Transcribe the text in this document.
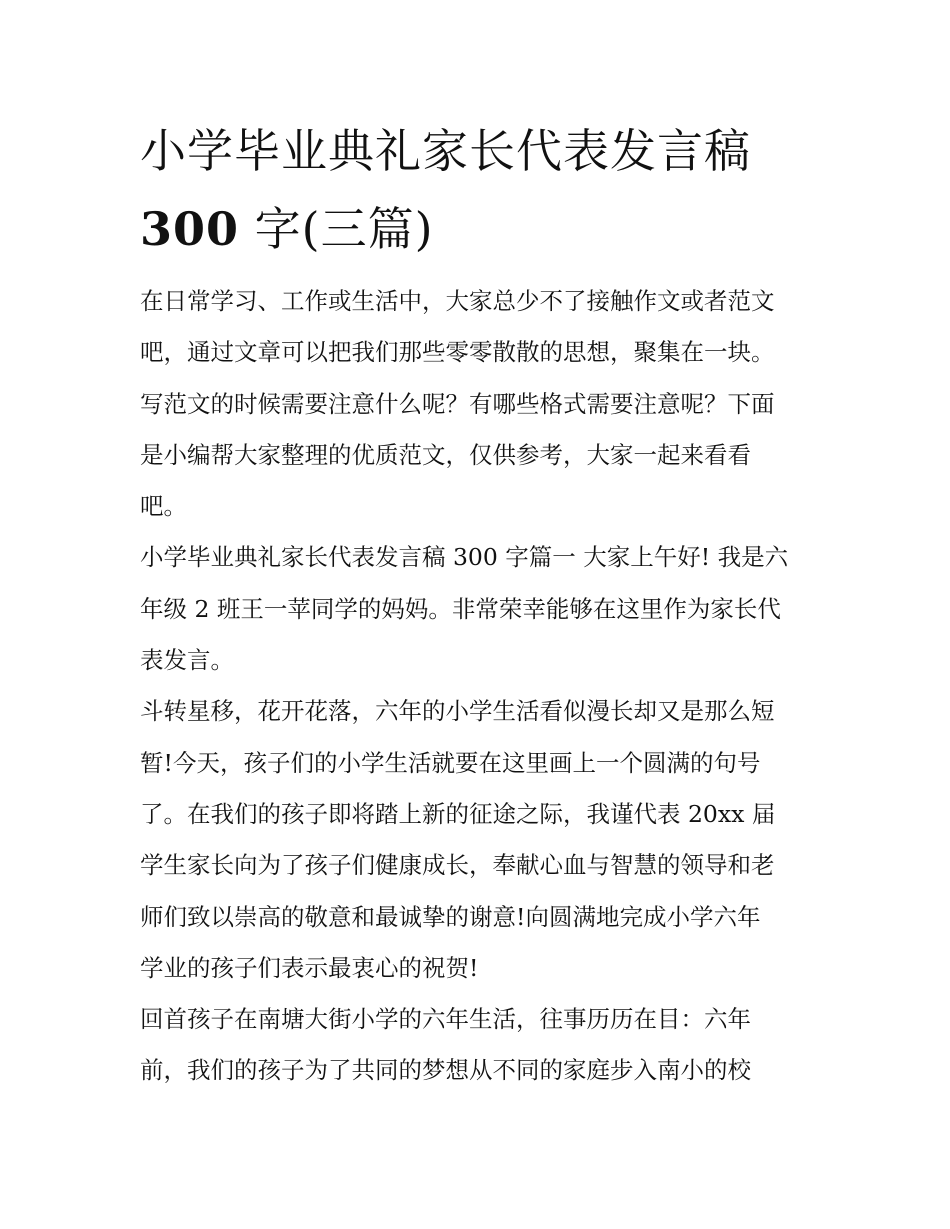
小学毕业典礼家长代表发言稿
300 字(三篇)

在日常学习、工作或生活中，大家总少不了接触作文或者范文
吧，通过文章可以把我们那些零零散散的思想，聚集在一块。
写范文的时候需要注意什么呢？有哪些格式需要注意呢？下面
是小编帮大家整理的优质范文，仅供参考，大家一起来看看
吧。

小学毕业典礼家长代表发言稿 300 字篇一 大家上午好! 我是六
年级 2 班王一苹同学的妈妈。非常荣幸能够在这里作为家长代
表发言。

斗转星移，花开花落，六年的小学生活看似漫长却又是那么短
暂!今天，孩子们的小学生活就要在这里画上一个圆满的句号
了。在我们的孩子即将踏上新的征途之际，我谨代表 20xx 届
学生家长向为了孩子们健康成长，奉献心血与智慧的领导和老
师们致以崇高的敬意和最诚挚的谢意!向圆满地完成小学六年
学业的孩子们表示最衷心的祝贺!

回首孩子在南塘大街小学的六年生活，往事历历在目：六年
前，我们的孩子为了共同的梦想从不同的家庭步入南小的校
